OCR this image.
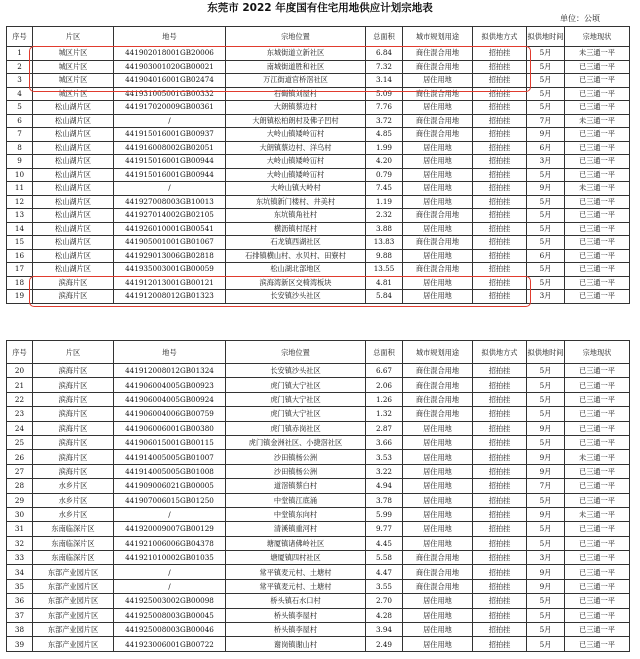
东莞市 2022 年度国有住宅用地供应计划宗地表
单位：公顷
序号	片区	地号	宗地位置	总面积	城市规划用途	拟供地方式	拟供地时间	宗地现状
1	城区片区	441902018001GB20006	东城街道立新社区	6.84	商住混合用地	招拍挂	5月	未三通一平
2	城区片区	441903001020GB00021	南城街道胜和社区	7.32	商住混合用地	招拍挂	5月	已三通一平
3	城区片区	441904016001GB02474	万江街道官桥滘社区	3.14	居住用地	招拍挂	5月	已三通一平
4	城区片区	441931005001GB00332	石碣镇刘屋村	5.09	商住混合用地	招拍挂	5月	已三通一平
5	松山湖片区	441917020009GB00361	大朗镇蔡边村	7.76	居住用地	招拍挂	5月	已三通一平
6	松山湖片区	/	大朗镇松柏朗村及佛子凹村	3.72	商住混合用地	招拍挂	7月	未三通一平
7	松山湖片区	441915016001GB00937	大岭山镇矮岭冚村	4.85	商住混合用地	招拍挂	9月	已三通一平
8	松山湖片区	441916008002GB02051	大朗镇蔡边村、洋乌村	1.99	居住用地	招拍挂	6月	已三通一平
9	松山湖片区	441915016001GB00944	大岭山镇矮岭冚村	4.20	居住用地	招拍挂	3月	已三通一平
10	松山湖片区	441915016001GB00944	大岭山镇矮岭冚村	0.79	居住用地	招拍挂	5月	已三通一平
11	松山湖片区	/	大岭山镇大岭村	7.45	居住用地	招拍挂	9月	未三通一平
12	松山湖片区	441927008003GB10013	东坑镇新门楼村、井美村	1.19	居住用地	招拍挂	5月	已三通一平
13	松山湖片区	441927014002GB02105	东坑镇角社村	2.32	商住混合用地	招拍挂	5月	已三通一平
14	松山湖片区	441926010001GB00541	横沥镇村尾村	3.88	居住用地	招拍挂	5月	已三通一平
15	松山湖片区	441905001001GB01067	石龙镇西湖社区	13.83	商住混合用地	招拍挂	5月	已三通一平
16	松山湖片区	441929013006GB02818	石排镇横山村、水贝村、田寮村	9.88	居住用地	招拍挂	6月	已三通一平
17	松山湖片区	441935003001GB00059	松山湖北部地区	13.55	商住混合用地	招拍挂	5月	已三通一平
18	滨海片区	441912013001GB00121	滨海湾新区交椅湾板块	4.81	居住用地	招拍挂	5月	已三通一平
19	滨海片区	441912008012GB01323	长安镇沙头社区	5.84	居住用地	招拍挂	3月	已三通一平
序号	片区	地号	宗地位置	总面积	城市规划用途	拟供地方式	拟供地时间	宗地现状
20	滨海片区	441912008012GB01324	长安镇沙头社区	6.67	商住混合用地	招拍挂	5月	已三通一平
21	滨海片区	441906004005GB00923	虎门镇大宁社区	2.06	商住混合用地	招拍挂	5月	已三通一平
22	滨海片区	441906004005GB00924	虎门镇大宁社区	1.26	商住混合用地	招拍挂	5月	已三通一平
23	滨海片区	441906004006GB00759	虎门镇大宁社区	1.32	商住混合用地	招拍挂	5月	已三通一平
24	滨海片区	441906006001GB00380	虎门镇赤岗社区	2.87	居住用地	招拍挂	9月	已三通一平
25	滨海片区	441906015001GB00115	虎门镇金洲社区、小捷滘社区	3.66	居住用地	招拍挂	5月	已三通一平
26	滨海片区	441914005005GB01007	沙田镇杨公洲	3.53	居住用地	招拍挂	9月	未三通一平
27	滨海片区	441914005005GB01008	沙田镇杨公洲	3.22	居住用地	招拍挂	9月	已三通一平
28	水乡片区	441909006021GB00005	道滘镇蔡白村	4.94	居住用地	招拍挂	7月	已三通一平
29	水乡片区	441907006015GB01250	中堂镇江底涌	3.78	居住用地	招拍挂	5月	已三通一平
30	水乡片区	/	中堂镇东向村	5.99	居住用地	招拍挂	9月	未三通一平
31	东南临深片区	441920009007GB00129	清溪镇重河村	9.77	居住用地	招拍挂	5月	已三通一平
32	东南临深片区	441921006006GB04378	塘厦镇诸佛岭社区	4.45	居住用地	招拍挂	5月	已三通一平
33	东南临深片区	441921010002GB01035	塘厦镇四村社区	5.58	商住混合用地	招拍挂	3月	已三通一平
34	东部产业园片区	/	常平镇麦元村、土塘村	4.47	商住混合用地	招拍挂	9月	已三通一平
35	东部产业园片区	/	常平镇麦元村、土塘村	3.55	商住混合用地	招拍挂	9月	已三通一平
36	东部产业园片区	441925003002GB00098	桥头镇石水口村	2.70	居住用地	招拍挂	5月	已三通一平
37	东部产业园片区	441925008003GB00045	桥头镇李屋村	4.28	居住用地	招拍挂	5月	已三通一平
38	东部产业园片区	441925008003GB00046	桥头镇李屋村	3.94	居住用地	招拍挂	5月	已三通一平
39	东部产业园片区	441923006001GB00722	谢岗镇谢山村	2.49	居住用地	招拍挂	5月	已三通一平
